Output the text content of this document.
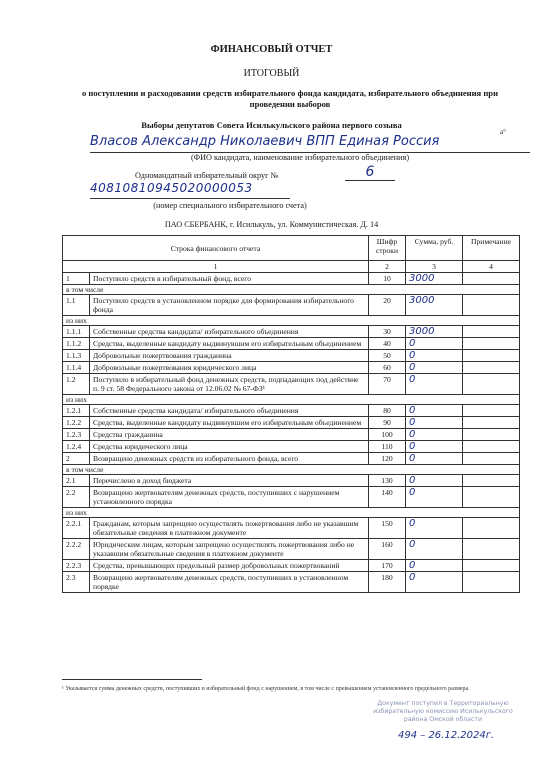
ФИНАНСОВЫЙ ОТЧЕТ
ИТОГОВЫЙ
о поступлении и расходовании средств избирательного фонда кандидата, избирательного объединения при проведении выборов
Выборы депутатов Совета Исилькульского района первого созыва
а°
Власов Александр Николаевич ВПП Единая Россия
(ФИО кандидата, наименование избирательного объединения)
Одномандатный избирательный округ №	6
40810810945020000053
(номер специального избирательного счета)
ПАО СБЕРБАНК, г. Исилькуль, ул. Коммунистическая. Д. 14
Строка финансового отчета		Шифр строки	Сумма, руб.	Примечание
1		2	3	4
1	Поступило средств в избирательный фонд, всего	10	3000	
в том числе				
1.1	Поступило средств в установленном порядке для формирования избирательного фонда	20	3000	
из них				
1.1.1	Собственные средства кандидата/ избирательного объединения	30	3000	
1.1.2	Средства, выделенные кандидату выдвинувшим его избирательным объединением	40	0	
1.1.3	Добровольные пожертвования гражданина	50	0	
1.1.4	Добровольные пожертвования юридического лица	60	0	
1.2	Поступило в избирательный фонд денежных средств, подпадающих под действие п. 9 ст. 58 Федерального закона от 12.06.02 № 67-ФЗ¹	70	0	
из них				
1.2.1	Собственные средства кандидата/ избирательного объединения	80	0	
1.2.2	Средства, выделенные кандидату выдвинувшим его избирательным объединением	90	0	
1.2.3	Средства гражданина	100	0	
1.2.4	Средства юридического лица	110	0	
2	Возвращено денежных средств из избирательного фонда, всего	120	0	
в том числе				
2.1	Перечислено в доход бюджета	130	0	
2.2	Возвращено жертвователям денежных средств, поступивших с нарушением установленного порядка	140	0	
из них				
2.2.1	Гражданам, которым запрещено осуществлять пожертвования либо не указавшим обязательные сведения в платежном документе	150	0	
2.2.2	Юридическим лицам, которым запрещено осуществлять пожертвования либо не указавшим обязательные сведения в платежном документе	160	0	
2.2.3	Средства, превышающих предельный размер добровольных пожертвований	170	0	
2.3	Возвращено жертвователям денежных средств, поступивших в установленном порядке	180	0	
¹ Указывается сумма денежных средств, поступивших в избирательный фонд с нарушением, в том числе с превышением установленного предельного размера.
Документ поступил в Территориальную избирательную комиссию Исилькульского района Омской области
494 – 26.12.2024г.
